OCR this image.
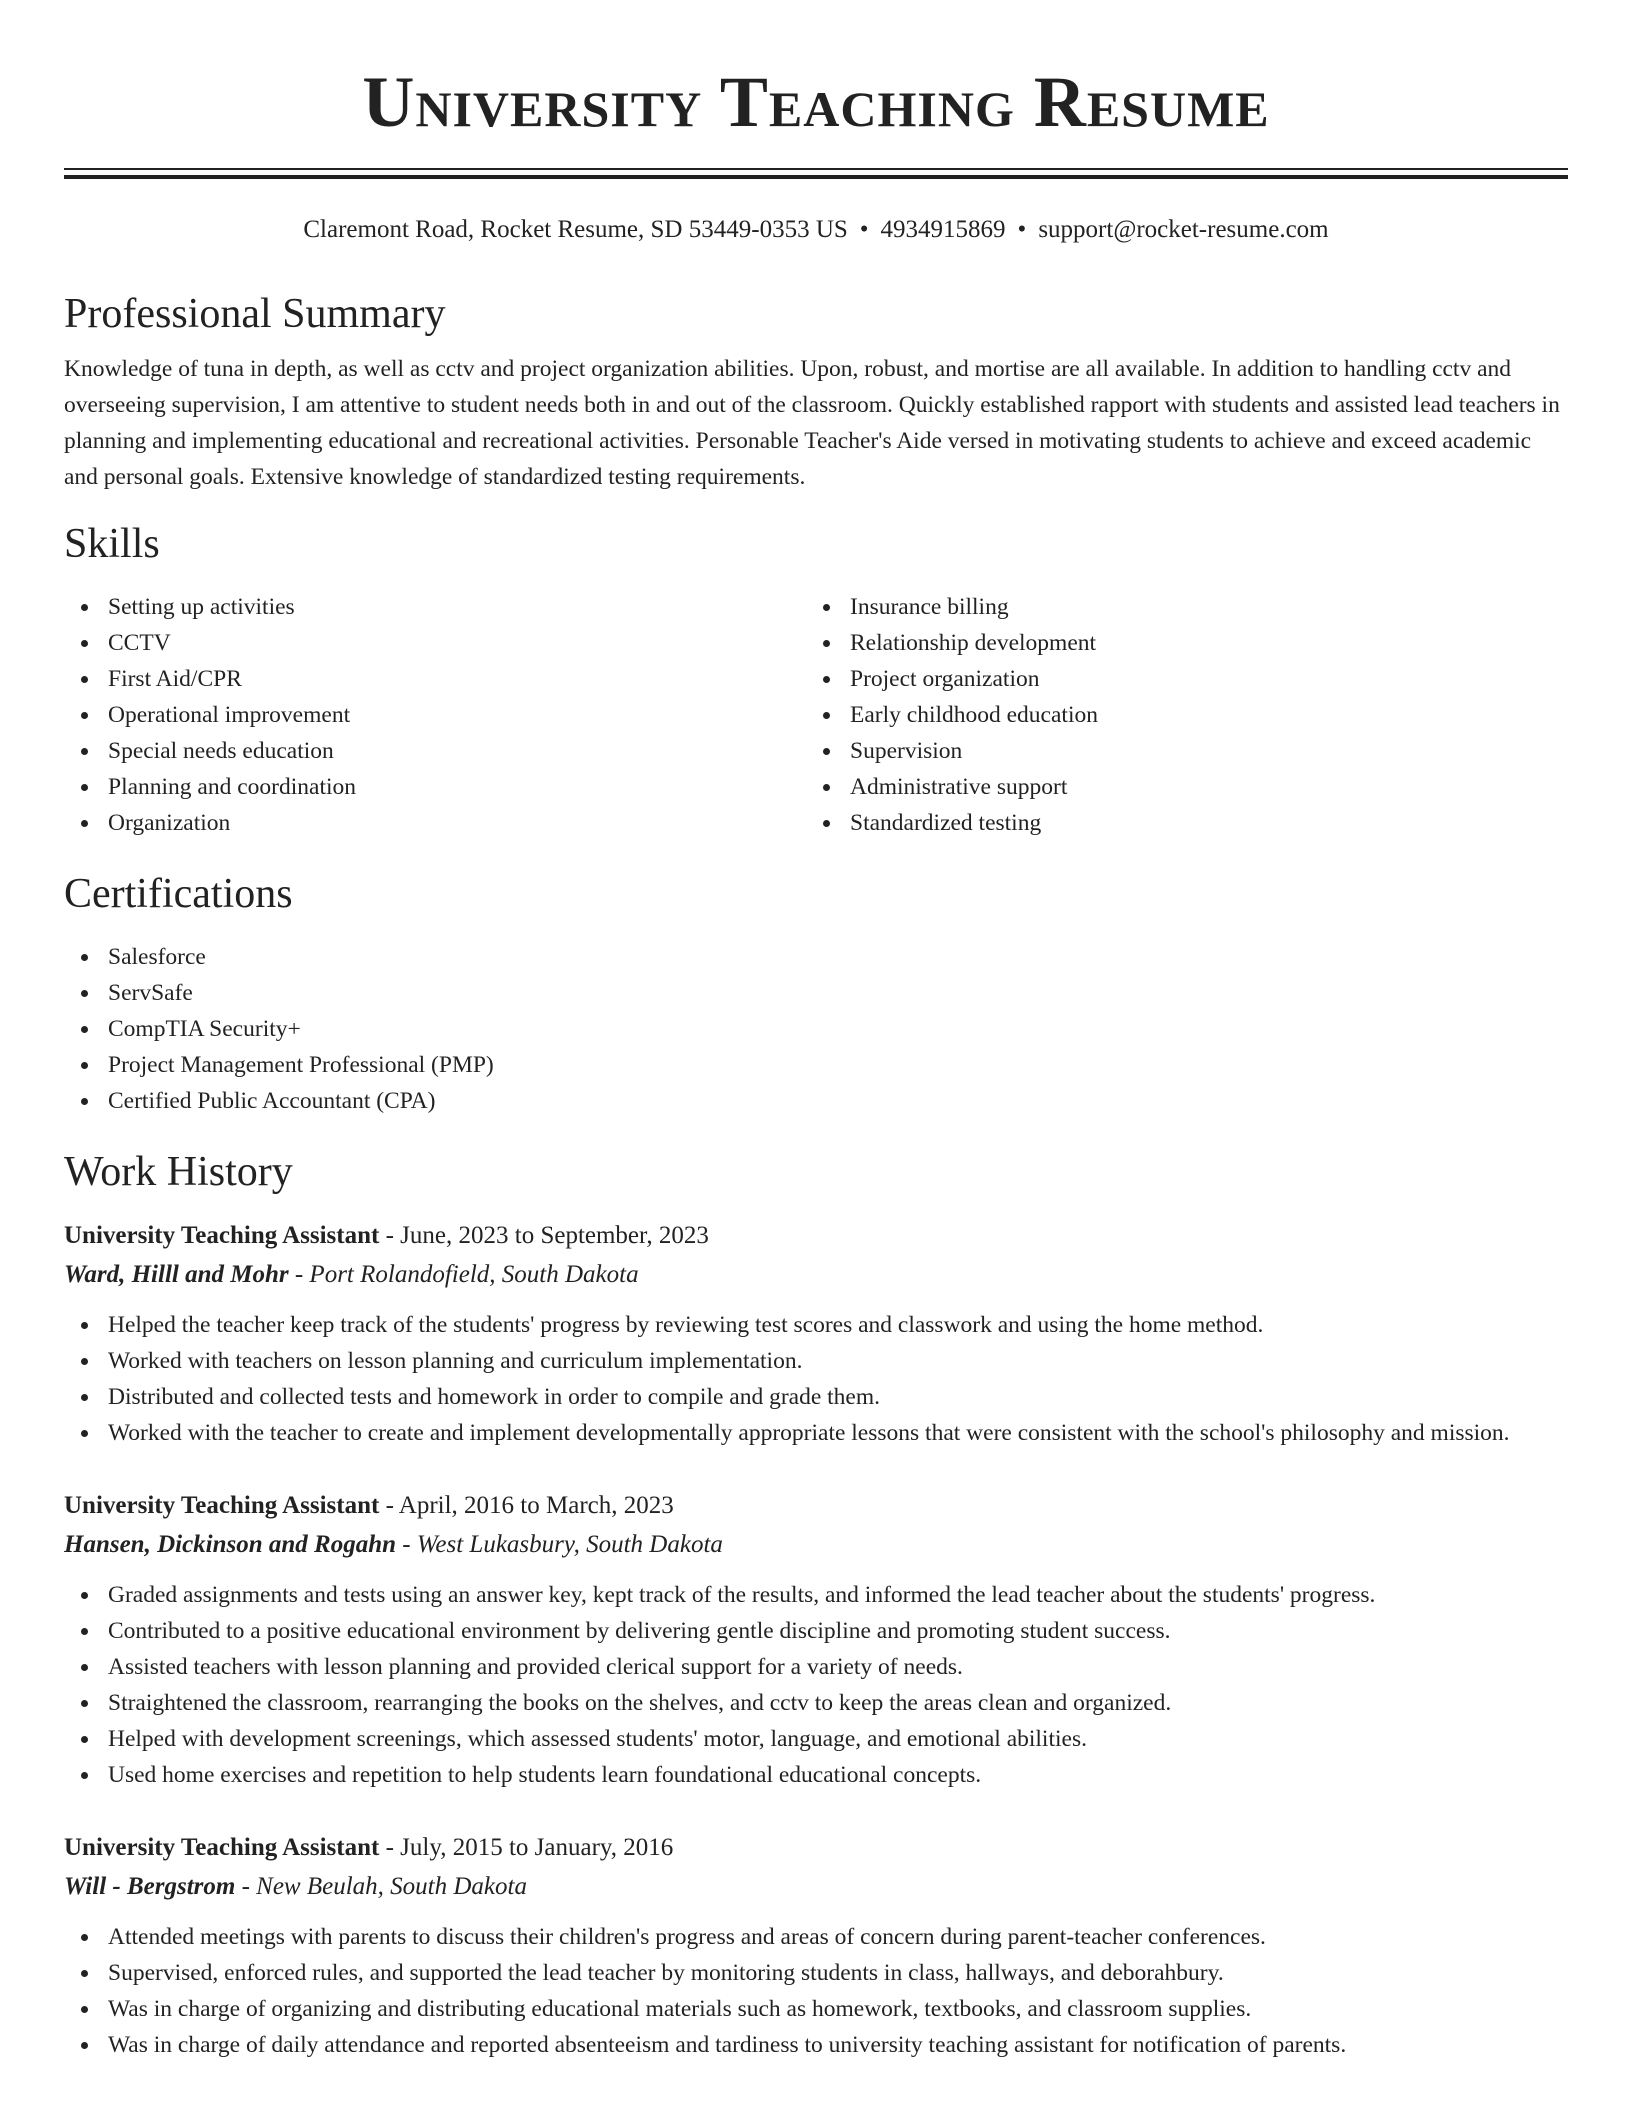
University Teaching Resume
Claremont Road, Rocket Resume, SD 53449-0353 US • 4934915869 • support@rocket-resume.com
Professional Summary

Knowledge of tuna in depth, as well as cctv and project organization abilities. Upon, robust, and mortise are all available. In addition to handling cctv and overseeing supervision, I am attentive to student needs both in and out of the classroom. Quickly established rapport with students and assisted lead teachers in planning and implementing educational and recreational activities. Personable Teacher's Aide versed in motivating students to achieve and exceed academic and personal goals. Extensive knowledge of standardized testing requirements.

Skills
Setting up activities
CCTV
First Aid/CPR
Operational improvement
Special needs education
Planning and coordination
Organization
Insurance billing
Relationship development
Project organization
Early childhood education
Supervision
Administrative support
Standardized testing
Certifications
Salesforce
ServSafe
CompTIA Security+
Project Management Professional (PMP)
Certified Public Accountant (CPA)
Work History
University Teaching Assistant - June, 2023 to September, 2023
Ward, Hilll and Mohr - Port Rolandofield, South Dakota
Helped the teacher keep track of the students' progress by reviewing test scores and classwork and using the home method.
Worked with teachers on lesson planning and curriculum implementation.
Distributed and collected tests and homework in order to compile and grade them.
Worked with the teacher to create and implement developmentally appropriate lessons that were consistent with the school's philosophy and mission.
University Teaching Assistant - April, 2016 to March, 2023
Hansen, Dickinson and Rogahn - West Lukasbury, South Dakota
Graded assignments and tests using an answer key, kept track of the results, and informed the lead teacher about the students' progress.
Contributed to a positive educational environment by delivering gentle discipline and promoting student success.
Assisted teachers with lesson planning and provided clerical support for a variety of needs.
Straightened the classroom, rearranging the books on the shelves, and cctv to keep the areas clean and organized.
Helped with development screenings, which assessed students' motor, language, and emotional abilities.
Used home exercises and repetition to help students learn foundational educational concepts.
University Teaching Assistant - July, 2015 to January, 2016
Will - Bergstrom - New Beulah, South Dakota
Attended meetings with parents to discuss their children's progress and areas of concern during parent-teacher conferences.
Supervised, enforced rules, and supported the lead teacher by monitoring students in class, hallways, and deborahbury.
Was in charge of organizing and distributing educational materials such as homework, textbooks, and classroom supplies.
Was in charge of daily attendance and reported absenteeism and tardiness to university teaching assistant for notification of parents.
